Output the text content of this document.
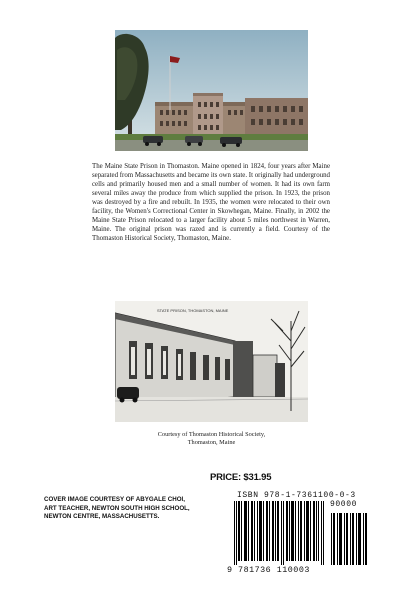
The Maine State Prison in Thomaston. Maine opened in 1824, four years after Maine separated from Massachusetts and became its own state. It originally had underground cells and primarily housed men and a small number of women. It had its own farm several miles away the produce from which supplied the prison. In 1923, the prison was destroyed by a fire and rebuilt. In 1935, the women were relocated to their own facility, the Women's Correctional Center in Skowhegan, Maine. Finally, in 2002 the Maine State Prison relocated to a larger facility about 5 miles northwest in Warren, Maine. The original prison was razed and is currently a field. Courtesy of the Thomaston Historical Society, Thomaston, Maine.

STATE PRISON, THOMASTON, MAINE
Courtesy of Thomaston Historical Society,
Thomaston, Maine
PRICE: $31.95
COVER IMAGE COURTESY OF ABYGALE CHOI,
ART TEACHER, NEWTON SOUTH HIGH SCHOOL,
NEWTON CENTRE, MASSACHUSETTS.
ISBN 978-1-7361100-0-3
90000
9 781736 110003
